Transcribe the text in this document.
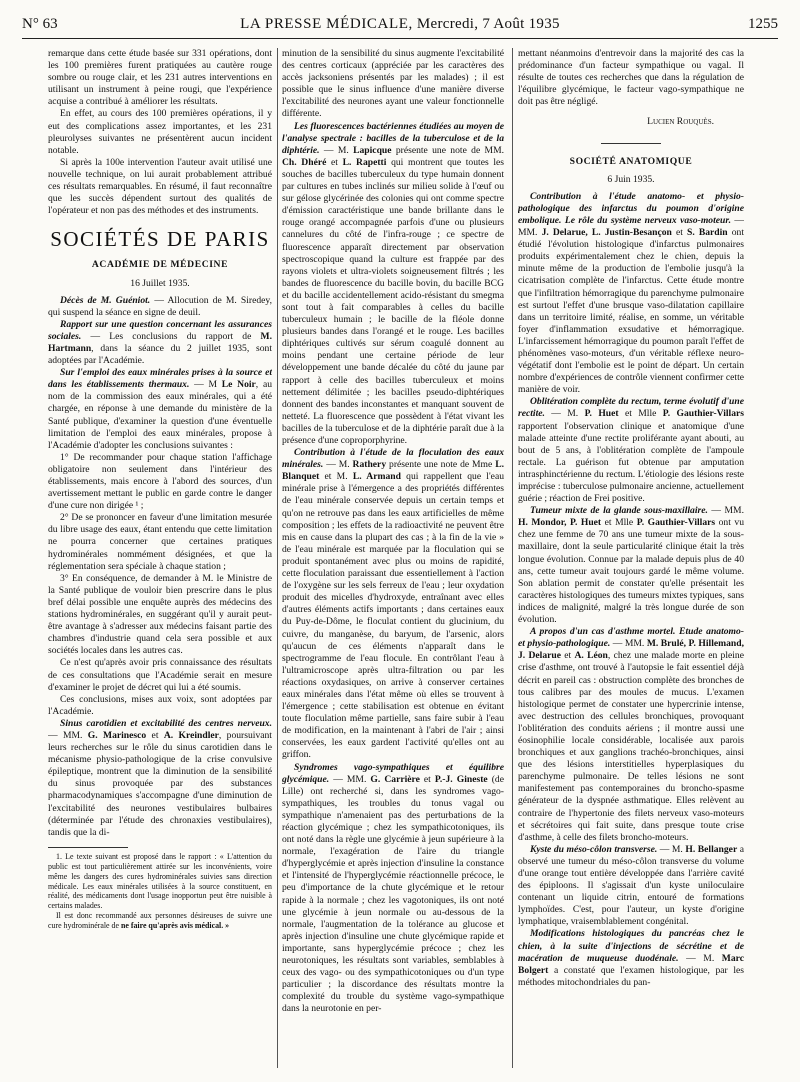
N° 63	LA PRESSE MÉDICALE, Mercredi, 7 Août 1935	1255

remarque dans cette étude basée sur 331 opérations, dont les 100 premières furent pratiquées au cautère rouge sombre ou rouge clair, et les 231 autres interventions en utilisant un instrument à peine rougi, que l'expérience acquise a contribué à améliorer les résultats.

En effet, au cours des 100 premières opérations, il y eut des complications assez importantes, et les 231 pleurolyses suivantes ne présentèrent aucun incident notable.

Si après la 100e intervention l'auteur avait utilisé une nouvelle technique, on lui aurait probablement attribué ces résultats remarquables. En résumé, il faut reconnaître que les succès dépendent surtout des qualités de l'opérateur et non pas des méthodes et des instruments.

SOCIÉTÉS DE PARIS
ACADÉMIE DE MÉDECINE
16 Juillet 1935.

Décès de M. Guéniot. — Allocution de M. Siredey, qui suspend la séance en signe de deuil.

Rapport sur une question concernant les assurances sociales. — Les conclusions du rapport de M. Hartmann, dans la séance du 2 juillet 1935, sont adoptées par l'Académie.

Sur l'emploi des eaux minérales prises à la source et dans les établissements thermaux. — M Le Noir, au nom de la commission des eaux minérales, qui a été chargée, en réponse à une demande du ministère de la Santé publique, d'examiner la question d'une éventuelle limitation de l'emploi des eaux minérales, propose à l'Académie d'adopter les conclusions suivantes :

1° De recommander pour chaque station l'affichage obligatoire non seulement dans l'intérieur des établissements, mais encore à l'abord des sources, d'un avertissement mettant le public en garde contre le danger d'une cure non dirigée ¹ ;

2° De se prononcer en faveur d'une limitation mesurée du libre usage des eaux, étant entendu que cette limitation ne pourra concerner que certaines pratiques hydrominérales nommément désignées, et que la réglementation sera spéciale à chaque station ;

3° En conséquence, de demander à M. le Ministre de la Santé publique de vouloir bien prescrire dans le plus bref délai possible une enquête auprès des médecins des stations hydrominérales, en suggérant qu'il y aurait peut-être avantage à s'adresser aux médecins faisant partie des chambres d'industrie quand cela sera possible et aux sociétés locales dans les autres cas.

Ce n'est qu'après avoir pris connaissance des résultats de ces consultations que l'Académie serait en mesure d'examiner le projet de décret qui lui a été soumis.

Ces conclusions, mises aux voix, sont adoptées par l'Académie.

Sinus carotidien et excitabilité des centres nerveux. — MM. G. Marinesco et A. Kreindler, poursuivant leurs recherches sur le rôle du sinus carotidien dans le mécanisme physio-pathologique de la crise convulsive épileptique, montrent que la diminution de la sensibilité du sinus provoquée par des substances pharmacodynamiques s'accompagne d'une diminution de l'excitabilité des neurones vestibulaires bulbaires (déterminée par l'étude des chronaxies vestibulaires), tandis que la di-

1. Le texte suivant est proposé dans le rapport : « L'attention du public est tout particulièrement attirée sur les inconvénients, voire même les dangers des cures hydrominérales suivies sans direction médicale. Les eaux minérales utilisées à la source constituent, en réalité, des médicaments dont l'usage inopportun peut être nuisible à certains malades.

Il est donc recommandé aux personnes désireuses de suivre une cure hydrominérale de ne faire qu'après avis médical. »

minution de la sensibilité du sinus augmente l'excitabilité des centres corticaux (appréciée par les caractères des accès jacksoniens présentés par les malades) ; il est possible que le sinus influence d'une manière diverse l'excitabilité des neurones ayant une valeur fonctionnelle différente.

Les fluorescences bactériennes étudiées au moyen de l'analyse spectrale : bacilles de la tuberculose et de la diphtérie. — M. Lapicque présente une note de MM. Ch. Dhéré et L. Rapetti qui montrent que toutes les souches de bacilles tuberculeux du type humain donnent par cultures en tubes inclinés sur milieu solide à l'œuf ou sur gélose glycérinée des colonies qui ont comme spectre d'émission caractéristique une bande brillante dans le rouge orangé accompagnée parfois d'une ou plusieurs cannelures du côté de l'infra-rouge ; ce spectre de fluorescence apparaît directement par observation spectroscopique quand la culture est frappée par des rayons violets et ultra-violets soigneusement filtrés ; les bandes de fluorescence du bacille bovin, du bacille BCG et du bacille accidentellement acido-résistant du smegma sont tout à fait comparables à celles du bacille tuberculeux humain ; le bacille de la fléole donne plusieurs bandes dans l'orangé et le rouge. Les bacilles diphtériques cultivés sur sérum coagulé donnent au moins pendant une certaine période de leur développement une bande décalée du côté du jaune par rapport à celle des bacilles tuberculeux et moins nettement délimitée ; les bacilles pseudo-diphtériques donnent des bandes inconstantes et manquant souvent de netteté. La fluorescence que possèdent à l'état vivant les bacilles de la tuberculose et de la diphtérie paraît due à la présence d'une coproporphyrine.

Contribution à l'étude de la floculation des eaux minérales. — M. Rathery présente une note de Mme L. Blanquet et M. L. Armand qui rappellent que l'eau minérale prise à l'émergence a des propriétés différentes de l'eau minérale conservée depuis un certain temps et qu'on ne retrouve pas dans les eaux artificielles de même composition ; les effets de la radioactivité ne peuvent être mis en cause dans la plupart des cas ; à la fin de la vie » de l'eau minérale est marquée par la floculation qui se produit spontanément avec plus ou moins de rapidité, cette floculation paraissant due essentiellement à l'action de l'oxygène sur les sels ferreux de l'eau ; leur oxydation produit des micelles d'hydroxyde, entraînant avec elles d'autres éléments actifs importants ; dans certaines eaux du Puy-de-Dôme, le floculat contient du glucinium, du cuivre, du manganèse, du baryum, de l'arsenic, alors qu'aucun de ces éléments n'apparaît dans le spectrogramme de l'eau flocule. En contrôlant l'eau à l'ultramicroscope après ultra-filtration ou par les réactions oxydasiques, on arrive à conserver certaines eaux minérales dans l'état même où elles se trouvent à l'émergence ; cette stabilisation est obtenue en évitant toute floculation même partielle, sans faire subir à l'eau de modification, en la maintenant à l'abri de l'air ; ainsi conservées, les eaux gardent l'activité qu'elles ont au griffon.

Syndromes vago-sympathiques et équilibre glycémique. — MM. G. Carrière et P.-J. Gineste (de Lille) ont recherché si, dans les syndromes vago-sympathiques, les troubles du tonus vagal ou sympathique n'amenaient pas des perturbations de la réaction glycémique ; chez les sympathicotoniques, ils ont noté dans la règle une glycémie à jeun supérieure à la normale, l'exagération de l'aire du triangle d'hyperglycémie et après injection d'insuline la constance et l'intensité de l'hyperglycémie réactionnelle précoce, le peu d'importance de la chute glycémique et le retour rapide à la normale ; chez les vagotoniques, ils ont noté une glycémie à jeun normale ou au-dessous de la normale, l'augmentation de la tolérance au glucose et après injection d'insuline une chute glycémique rapide et importante, sans hyperglycémie précoce ; chez les neurotoniques, les résultats sont variables, semblables à ceux des vago- ou des sympathicotoniques ou d'un type particulier ; la discordance des résultats montre la complexité du trouble du système vago-sympathique dans la neurotonie en per-

mettant néanmoins d'entrevoir dans la majorité des cas la prédominance d'un facteur sympathique ou vagal. Il résulte de toutes ces recherches que dans la régulation de l'équilibre glycémique, le facteur vago-sympathique ne doit pas être négligé.

Lucien Rouquès.
SOCIÉTÉ ANATOMIQUE
6 Juin 1935.

Contribution à l'étude anatomo- et physio-pathologique des infarctus du poumon d'origine embolique. Le rôle du système nerveux vaso-moteur. — MM. J. Delarue, L. Justin-Besançon et S. Bardin ont étudié l'évolution histologique d'infarctus pulmonaires produits expérimentalement chez le chien, depuis la minute même de la production de l'embolie jusqu'à la cicatrisation complète de l'infarctus. Cette étude montre que l'infiltration hémorragique du parenchyme pulmonaire est surtout l'effet d'une brusque vaso-dilatation capillaire dans un territoire limité, réalise, en somme, un véritable foyer d'inflammation exsudative et hémorragique. L'infarcissement hémorragique du poumon paraît l'effet de phénomènes vaso-moteurs, d'un véritable réflexe neuro-végétatif dont l'embolie est le point de départ. Un certain nombre d'expériences de contrôle viennent confirmer cette manière de voir.

Oblitération complète du rectum, terme évolutif d'une rectite. — M. P. Huet et Mlle P. Gauthier-Villars rapportent l'observation clinique et anatomique d'une malade atteinte d'une rectite proliférante ayant abouti, au bout de 5 ans, à l'oblitération complète de l'ampoule rectale. La guérison fut obtenue par amputation intrasphinctérienne du rectum. L'étiologie des lésions reste imprécise : tuberculose pulmonaire ancienne, actuellement guérie ; réaction de Frei positive.

Tumeur mixte de la glande sous-maxillaire. — MM. H. Mondor, P. Huet et Mlle P. Gauthier-Villars ont vu chez une femme de 70 ans une tumeur mixte de la sous-maxillaire, dont la seule particularité clinique était la très longue évolution. Connue par la malade depuis plus de 40 ans, cette tumeur avait toujours gardé le même volume. Son ablation permit de constater qu'elle présentait les caractères histologiques des tumeurs mixtes typiques, sans indices de malignité, malgré la très longue durée de son évolution.

A propos d'un cas d'asthme mortel. Etude anatomo- et physio-pathologique. — MM. M. Brulé, P. Hillemand, J. Delarue et A. Léon, chez une malade morte en pleine crise d'asthme, ont trouvé à l'autopsie le fait essentiel déjà décrit en pareil cas : obstruction complète des bronches de tous calibres par des moules de mucus. L'examen histologique permet de constater une hypercrinie intense, avec destruction des cellules bronchiques, provoquant l'oblitération des conduits aériens ; il montre aussi une éosinophilie locale considérable, localisée aux parois bronchiques et aux ganglions trachéo-bronchiques, ainsi que des lésions interstitielles hyperplasiques du parenchyme pulmonaire. De telles lésions ne sont manifestement pas contemporaines du broncho-spasme générateur de la dyspnée asthmatique. Elles relèvent au contraire de l'hypertonie des filets nerveux vaso-moteurs et sécrétoires qui fait suite, dans presque toute crise d'asthme, à celle des filets broncho-moteurs.

Kyste du méso-côlon transverse. — M. H. Bellanger a observé une tumeur du méso-côlon transverse du volume d'une orange tout entière développée dans l'arrière cavité des épiploons. Il s'agissait d'un kyste uniloculaire contenant un liquide citrin, entouré de formations lymphoïdes. C'est, pour l'auteur, un kyste d'origine lymphatique, vraisemblablement congénital.

Modifications histologiques du pancréas chez le chien, à la suite d'injections de sécrétine et de macération de muqueuse duodénale. — M. Marc Bolgert a constaté que l'examen histologique, par les méthodes mitochondriales du pan-
